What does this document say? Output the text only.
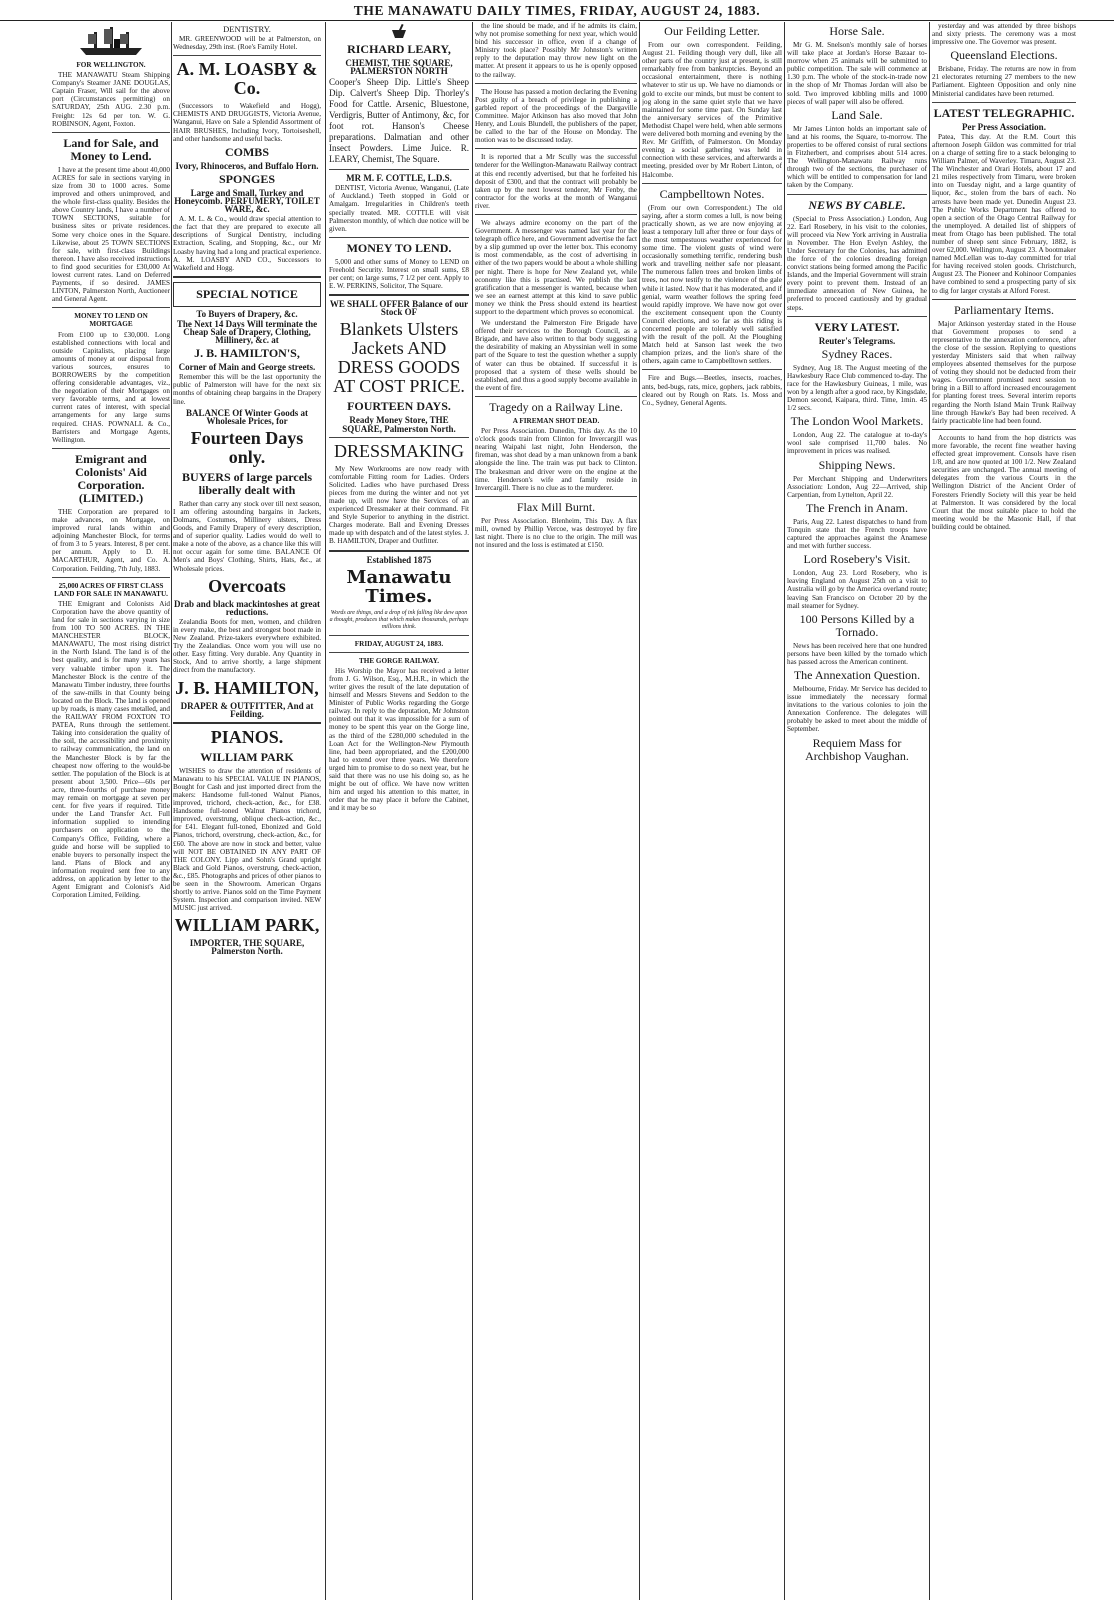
THE MANAWATU DAILY TIMES, FRIDAY, AUGUST 24, 1883.
FOR WELLINGTON.

THE MANAWATU Steam Shipping Company's Steamer JANE DOUGLAS, Captain Fraser, Will sail for the above port (Circumstances permitting) on SATURDAY, 25th AUG. 2.30 p.m. Freight: 12s 6d per ton. W. G. ROBINSON, Agent, Foxton.

Land for Sale, and Money to Lend.

I have at the present time about 40,000 ACRES for sale in sections varying in size from 30 to 1000 acres. Some improved and others unimproved, and the whole first-class quality. Besides the above Country lands, I have a number of TOWN SECTIONS, suitable for business sites or private residences. Some very choice ones in the Square. Likewise, about 25 TOWN SECTIONS for sale, with first-class Buildings thereon. I have also received instructions to find good securities for £30,000 At lowest current rates. Land on Deferred Payments, if so desired. JAMES LINTON, Palmerston North, Auctioneer and General Agent.

MONEY TO LEND ON MORTGAGE

From £100 up to £30,000. Long established connections with local and outside Capitalists, placing large amounts of money at our disposal from various sources, ensures to BORROWERS by the competition offering considerable advantages, viz., the negotiation of their Mortgages on very favorable terms, and at lowest current rates of interest, with special arrangements for any large sums required. CHAS. POWNALL & Co., Barristers and Mortgage Agents, Wellington.

Emigrant and Colonists' Aid Corporation. (LIMITED.)

THE Corporation are prepared to make advances, on Mortgage, on improved rural lands within and adjoining Manchester Block, for terms of from 3 to 5 years. Interest, 8 per cent. per annum. Apply to D. H. MACARTHUR, Agent, and Co. A. Corporation. Feilding, 7th July, 1883.

25,000 ACRES OF FIRST CLASS LAND FOR SALE IN MANAWATU.

THE Emigrant and Colonists Aid Corporation have the above quantity of land for sale in sections varying in size from 100 TO 500 ACRES. IN THE MANCHESTER BLOCK, MANAWATU, The most rising district in the North Island. The land is of the best quality, and is for many years has very valuable timber upon it. The Manchester Block is the centre of the Manawatu Timber industry, three fourths of the saw-mills in that County being located on the Block. The land is opened up by roads, is many cases metalled, and the RAILWAY FROM FOXTON TO PATEA, Runs through the settlement. Taking into consideration the quality of the soil, the accessibility and proximity to railway communication, the land on the Manchester Block is by far the cheapest now offering to the would-be settler. The population of the Block is at present about 3,500. Price—60s per acre, three-fourths of purchase money may remain on mortgage at seven per cent. for five years if required. Title under the Land Transfer Act. Full information supplied to intending purchasers on application to the Company's Office, Feilding, where a guide and horse will be supplied to enable buyers to personally inspect the land. Plans of Block and any information required sent free to any address, on application by letter to the Agent Emigrant and Colonist's Aid Corporation Limited, Feilding.

DENTISTRY.

MR. GREENWOOD will be at Palmerston, on Wednesday, 29th inst. (Roe's Family Hotel.

A. M. LOASBY & Co.

(Successors to Wakefield and Hogg), CHEMISTS AND DRUGGISTS, Victoria Avenue, Wanganui, Have on Sale a Splendid Assortment of HAIR BRUSHES, Including Ivory, Tortoiseshell, and other handsome and useful backs.

COMBS
Ivory, Rhinoceros, and Buffalo Horn.
SPONGES
Large and Small, Turkey and Honeycomb. PERFUMERY, TOILET WARE, &c.

A. M. L. & Co., would draw special attention to the fact that they are prepared to execute all descriptions of Surgical Dentistry, including Extraction, Scaling, and Stopping, &c., our Mr Loasby having had a long and practical experience. A. M. LOASBY AND CO., Successors to Wakefield and Hogg.

SPECIAL NOTICE
To Buyers of Drapery, &c.
The Next 14 Days Will terminate the Cheap Sale of Drapery, Clothing, Millinery, &c. at
J. B. HAMILTON'S,
Corner of Main and George streets.

Remember this will be the last opportunity the public of Palmerston will have for the next six months of obtaining cheap bargains in the Drapery line.

BALANCE Of Winter Goods at Wholesale Prices, for
Fourteen Days only.
BUYERS of large parcels liberally dealt with

Rather than carry any stock over till next season, I am offering astounding bargains in Jackets, Dolmans, Costumes, Millinery ulsters, Dress Goods, and Family Drapery of every description, and of superior quality. Ladies would do well to make a note of the above, as a chance like this will not occur again for some time. BALANCE Of Men's and Boys' Clothing, Shirts, Hats, &c., at Wholesale prices.

Overcoats
Drab and black mackintoshes at great reductions.

Zealandia Boots for men, women, and children in every make, the best and strongest boot made in New Zealand. Prize-takers everywhere exhibited. Try the Zealandias. Once worn you will use no other. Easy fitting. Very durable. Any Quantity in Stock, And to arrive shortly, a large shipment direct from the manufactory.

J. B. HAMILTON,
DRAPER & OUTFITTER, And at Feilding.
PIANOS.
WILLIAM PARK

WISHES to draw the attention of residents of Manawatu to his SPECIAL VALUE IN PIANOS, Bought for Cash and just imported direct from the makers: Handsome full-toned Walnut Pianos, improved, trichord, check-action, &c., for £38. Handsome full-toned Walnut Pianos trichord, improved, overstrung, oblique check-action, &c., for £41. Elegant full-toned, Ebonized and Gold Pianos, trichord, overstrung, check-action, &c., for £60. The above are now in stock and better, value will NOT BE OBTAINED IN ANY PART OF THE COLONY. Lipp and Sohn's Grand upright Black and Gold Pianos, overstrung, check-action, &c., £85. Photographs and prices of other pianos to be seen in the Showroom. American Organs shortly to arrive. Pianos sold on the Time Payment System. Inspection and comparison invited. NEW MUSIC just arrived.

WILLIAM PARK,
IMPORTER, THE SQUARE, Palmerston North.
RICHARD LEARY,
CHEMIST, THE SQUARE, PALMERSTON NORTH

Cooper's Sheep Dip. Little's Sheep Dip. Calvert's Sheep Dip. Thorley's Food for Cattle. Arsenic, Bluestone, Verdigris, Butter of Antimony, &c, for foot rot. Hanson's Cheese preparations. Dalmatian and other Insect Powders. Lime Juice. R. LEARY, Chemist, The Square.

MR M. F. COTTLE, L.D.S.

DENTIST, Victoria Avenue, Wanganui, (Late of Auckland.) Teeth stopped in Gold or Amalgam. Irregularities in Children's teeth specially treated. MR. COTTLE will visit Palmerston monthly, of which due notice will be given.

MONEY TO LEND.

5,000 and other sums of Money to LEND on Freehold Security. Interest on small sums, £8 per cent; on large sums, 7 1/2 per cent. Apply to E. W. PERKINS, Solicitor, The Square.

WE SHALL OFFER Balance of our Stock OF
Blankets Ulsters Jackets AND DRESS GOODS AT COST PRICE.
FOURTEEN DAYS.
Ready Money Store, THE SQUARE, Palmerston North.
DRESSMAKING

My New Workrooms are now ready with comfortable Fitting room for Ladies. Orders Solicited. Ladies who have purchased Dress pieces from me during the winter and not yet made up, will now have the Services of an experienced Dressmaker at their command. Fit and Style Superior to anything in the district. Charges moderate. Ball and Evening Dresses made up with despatch and of the latest styles. J. B. HAMILTON, Draper and Outfitter.

Established 1875
Manawatu Times.
Words are things, and a drop of ink falling like dew upon a thought, produces that which makes thousands, perhaps millions think.
FRIDAY, AUGUST 24, 1883.
THE GORGE RAILWAY.

His Worship the Mayor has received a letter from J. G. Wilson, Esq., M.H.R., in which the writer gives the result of the late deputation of himself and Messrs Stevens and Seddon to the Minister of Public Works regarding the Gorge railway. In reply to the deputation, Mr Johnston pointed out that it was impossible for a sum of money to be spent this year on the Gorge line, as the third of the £280,000 scheduled in the Loan Act for the Wellington-New Plymouth line, had been appropriated, and the £200,000 had to extend over three years. We therefore urged him to promise to do so next year, but he said that there was no use his doing so, as he might be out of office. We have now written him and urged his attention to this matter, in order that he may place it before the Cabinet, and it may be so

the line should be made, and if he admits its claim, why not promise something for next year, which would bind his successor in office, even if a change of Ministry took place? Possibly Mr Johnston's written reply to the deputation may throw new light on the matter. At present it appears to us he is openly opposed to the railway.

The House has passed a motion declaring the Evening Post guilty of a breach of privilege in publishing a garbled report of the proceedings of the Dargaville Committee. Major Atkinson has also moved that John Henry, and Louis Blundell, the publishers of the paper, be called to the bar of the House on Monday. The motion was to be discussed today.

It is reported that a Mr Scully was the successful tenderer for the Wellington-Manawatu Railway contract at this end recently advertised, but that he forfeited his deposit of £300, and that the contract will probably be taken up by the next lowest tenderer, Mr Fenby, the contractor for the works at the month of Wanganui river.

We always admire economy on the part of the Government. A messenger was named last year for the telegraph office here, and Government advertise the fact by a slip gummed up over the letter box. This economy is most commendable, as the cost of advertising in either of the two papers would be about a whole shilling per night. There is hope for New Zealand yet, while economy like this is practised. We publish the last gratification that a messenger is wanted, because when we see an earnest attempt at this kind to save public money we think the Press should extend its heartiest support to the department which proves so economical.

We understand the Palmerston Fire Brigade have offered their services to the Borough Council, as a Brigade, and have also written to that body suggesting the desirability of making an Abyssinian well in some part of the Square to test the question whether a supply of water can thus be obtained. If successful it is proposed that a system of these wells should be established, and thus a good supply become available in the event of fire.

Tragedy on a Railway Line.
A FIREMAN SHOT DEAD.

Per Press Association. Dunedin, This day. As the 10 o'clock goods train from Clinton for Invercargill was nearing Waipahi last night, John Henderson, the fireman, was shot dead by a man unknown from a bank alongside the line. The train was put back to Clinton. The brakesman and driver were on the engine at the time. Henderson's wife and family reside in Invercargill. There is no clue as to the murderer.

Flax Mill Burnt.

Per Press Association. Blenheim, This Day. A flax mill, owned by Phillip Vercoe, was destroyed by fire last night. There is no clue to the origin. The mill was not insured and the loss is estimated at £150.

Our Feilding Letter.

From our own correspondent. Feilding, August 21. Feilding though very dull, like all other parts of the country just at present, is still remarkably free from bankruptcies. Beyond an occasional entertainment, there is nothing whatever to stir us up. We have no diamonds or gold to excite our minds, but must be content to jog along in the same quiet style that we have maintained for some time past. On Sunday last the anniversary services of the Primitive Methodist Chapel were held, when able sermons were delivered both morning and evening by the Rev. Mr Griffith, of Palmerston. On Monday evening a social gathering was held in connection with these services, and afterwards a meeting, presided over by Mr Robert Linton, of Halcombe.

Campbelltown Notes.

(From our own Correspondent.) The old saying, after a storm comes a lull, is now being practically shown, as we are now enjoying at least a temporary lull after three or four days of the most tempestuous weather experienced for some time. The violent gusts of wind were occasionally something terrific, rendering bush work and travelling neither safe nor pleasant. The numerous fallen trees and broken limbs of trees, not now testify to the violence of the gale while it lasted. Now that it has moderated, and if genial, warm weather follows the spring feed would rapidly improve. We have now got over the excitement consequent upon the County Council elections, and so far as this riding is concerned people are tolerably well satisfied with the result of the poll. At the Ploughing Match held at Sanson last week the two champion prizes, and the lion's share of the others, again came to Campbelltown settlers.

Fire and Bugs.—Beetles, insects, roaches, ants, bed-bugs, rats, mice, gophers, jack rabbits, cleared out by Rough on Rats. 1s. Moss and Co., Sydney, General Agents.

Horse Sale.

Mr G. M. Snelson's monthly sale of horses will take place at Jordan's Horse Bazaar to-morrow when 25 animals will be submitted to public competition. The sale will commence at 1.30 p.m. The whole of the stock-in-trade now in the shop of Mr Thomas Jordan will also be sold. Two improved kibbling mills and 1000 pieces of wall paper will also be offered.

Land Sale.

Mr James Linton holds an important sale of land at his rooms, the Square, to-morrow. The properties to be offered consist of rural sections in Fitzherbert, and comprises about 514 acres. The Wellington-Manawatu Railway runs through two of the sections, the purchaser of which will be entitled to compensation for land taken by the Company.

NEWS BY CABLE.

(Special to Press Association.) London, Aug 22. Earl Rosebery, in his visit to the colonies, will proceed via New York arriving in Australia in November. The Hon Evelyn Ashley, the Under Secretary for the Colonies, has admitted the force of the colonies dreading foreign convict stations being formed among the Pacific Islands, and the Imperial Government will strain every point to prevent them. Instead of an immediate annexation of New Guinea, he preferred to proceed cautiously and by gradual steps.

VERY LATEST.
Reuter's Telegrams.
Sydney Races.

Sydney, Aug 18. The August meeting of the Hawkesbury Race Club commenced to-day. The race for the Hawkesbury Guineas, 1 mile, was won by a length after a good race, by Kingsdale, Demon second, Kaipara, third. Time, 1min. 45 1/2 secs.

The London Wool Markets.

London, Aug 22. The catalogue at to-day's wool sale comprised 11,700 bales. No improvement in prices was realised.

Shipping News.

Per Merchant Shipping and Underwriters Association: London, Aug 22—Arrived, ship Carpentian, from Lyttelton, April 22.

The French in Anam.

Paris, Aug 22. Latest dispatches to hand from Tonquin state that the French troops have captured the approaches against the Anamese and met with further success.

Lord Rosebery's Visit.

London, Aug 23. Lord Rosebery, who is leaving England on August 25th on a visit to Australia will go by the America overland route; leaving San Francisco on October 20 by the mail steamer for Sydney.

100 Persons Killed by a Tornado.

News has been received here that one hundred persons have been killed by the tornado which has passed across the American continent.

The Annexation Question.

Melbourne, Friday. Mr Service has decided to issue immediately the necessary formal invitations to the various colonies to join the Annexation Conference. The delegates will probably be asked to meet about the middle of September.

Requiem Mass for Archbishop Vaughan.

yesterday and was attended by three bishops and sixty priests. The ceremony was a most impressive one. The Governor was present.

Queensland Elections.

Brisbane, Friday. The returns are now in from 21 electorates returning 27 members to the new Parliament. Eighteen Opposition and only nine Ministerial candidates have been returned.

LATEST TELEGRAPHIC.
Per Press Association.

Patea, This day. At the R.M. Court this afternoon Joseph Gildon was committed for trial on a charge of setting fire to a stack belonging to William Palmer, of Waverley. Timaru, August 23. The Winchester and Orari Hotels, about 17 and 21 miles respectively from Timaru, were broken into on Tuesday night, and a large quantity of liquor, &c., stolen from the bars of each. No arrests have been made yet. Dunedin August 23. The Public Works Department has offered to open a section of the Otago Central Railway for the unemployed. A detailed list of shippers of meat from Otago has been published. The total number of sheep sent since February, 1882, is over 62,000. Wellington, August 23. A bootmaker named McLellan was to-day committed for trial for having received stolen goods. Christchurch, August 23. The Pioneer and Kohinoor Companies have combined to send a prospecting party of six to dig for larger crystals at Alford Forest.

Parliamentary Items.

Major Atkinson yesterday stated in the House that Government proposes to send a representative to the annexation conference, after the close of the session. Replying to questions yesterday Ministers said that when railway employees absented themselves for the purpose of voting they should not be deducted from their wages. Government promised next session to bring in a Bill to afford increased encouragement for planting forest trees. Several interim reports regarding the North Island Main Trunk Railway line through Hawke's Bay had been received. A fairly practicable line had been found.

Accounts to hand from the hop districts was more favorable, the recent fine weather having effected great improvement. Consols have risen 1/8, and are now quoted at 100 1/2. New Zealand securities are unchanged. The annual meeting of delegates from the various Courts in the Wellington District of the Ancient Order of Foresters Friendly Society will this year be held at Palmerston. It was considered by the local Court that the most suitable place to hold the meeting would be the Masonic Hall, if that building could be obtained.
